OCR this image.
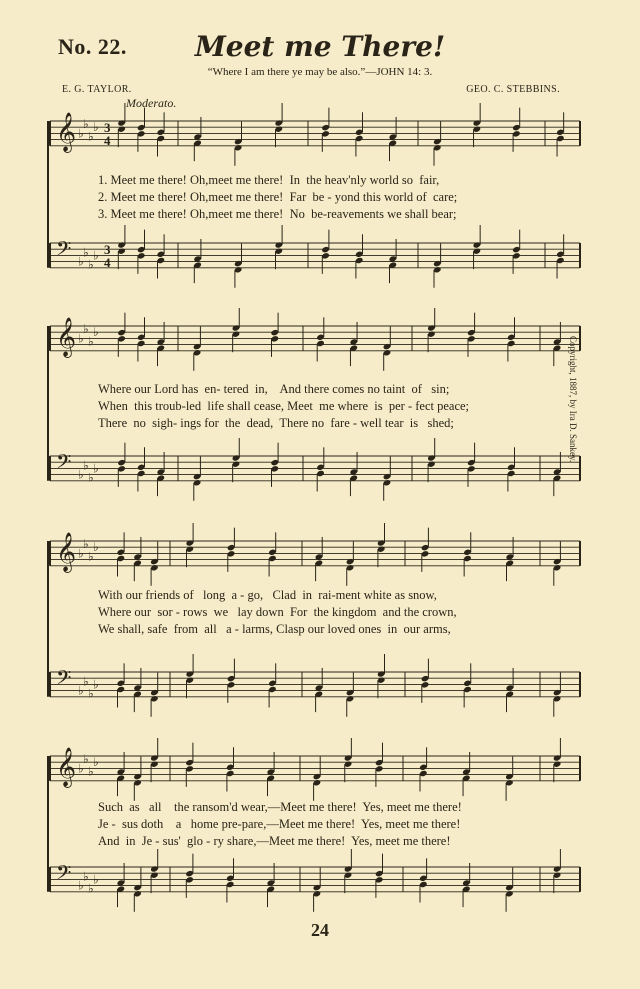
No. 22.	Meet me There!
“Where I am there ye may be also.”—JOHN 14: 3.
E. G. TAYLOR.	GEO. C. STEBBINS.
Moderato.
Copyright, 1887, by Ira D. Sankey.
𝄞 ♭
♭
♭
♭ 3
4
𝄢 ♭
♭
♭
♭ 3
4
𝄞 ♭
♭
♭
♭
𝄢 ♭
♭
♭
♭
𝄞 ♭
♭
♭
♭
𝄢 ♭
♭
♭
♭
𝄞 ♭
♭
♭
♭
𝄢 ♭
♭
♭
♭
1. Meet me there! Oh,meet me there!  In  the heav'nly world so  fair,
2. Meet me there! Oh,meet me there!  Far  be - yond this world of  care;
3. Meet me there! Oh,meet me there!  No  be-reavements we shall bear;
Where our Lord has  en- tered  in,    And there comes no taint  of   sin;
When  this troub-led  life shall cease, Meet  me where  is  per - fect peace;
There  no  sigh- ings for  the  dead,  There no  fare - well tear  is   shed;
With our friends of   long  a - go,   Clad  in  rai-ment white as snow,
Where our  sor - rows  we   lay down  For  the kingdom  and the crown,
We shall, safe  from  all   a - larms, Clasp our loved ones  in  our arms,
Such  as   all    the ransom'd wear,—Meet me there!  Yes, meet me there!
Je -  sus doth    a   home pre-pare,—Meet me there!  Yes, meet me there!
And  in  Je - sus'  glo - ry share,—Meet me there!  Yes, meet me there!
24
